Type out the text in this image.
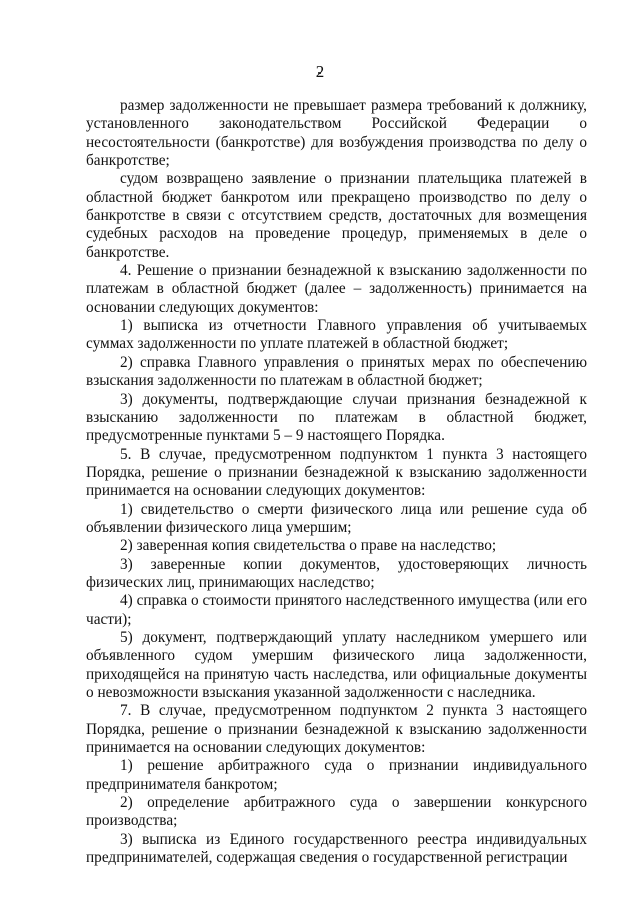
2

размер задолженности не превышает размера требований к должнику, установленного законодательством Российской Федерации о несостоятельности (банкротстве) для возбуждения производства по делу о банкротстве;

судом возвращено заявление о признании плательщика платежей в областной бюджет банкротом или прекращено производство по делу о банкротстве в связи с отсутствием средств, достаточных для возмещения судебных расходов на проведение процедур, применяемых в деле о банкротстве.

4. Решение о признании безнадежной к взысканию задолженности по платежам в областной бюджет (далее – задолженность) принимается на основании следующих документов:

1) выписка из отчетности Главного управления об учитываемых суммах задолженности по уплате платежей в областной бюджет;

2) справка Главного управления о принятых мерах по обеспечению взыскания задолженности по платежам в областной бюджет;

3) документы, подтверждающие случаи признания безнадежной к взысканию задолженности по платежам в областной бюджет, предусмотренные пунктами 5 – 9 настоящего Порядка.

5. В случае, предусмотренном подпунктом 1 пункта 3 настоящего Порядка, решение о признании безнадежной к взысканию задолженности принимается на основании следующих документов:

1) свидетельство о смерти физического лица или решение суда об объявлении физического лица умершим;

2) заверенная копия свидетельства о праве на наследство;

3) заверенные копии документов, удостоверяющих личность физических лиц, принимающих наследство;

4) справка о стоимости принятого наследственного имущества (или его части);

5) документ, подтверждающий уплату наследником умершего или объявленного судом умершим физического лица задолженности, приходящейся на принятую часть наследства, или официальные документы о невозможности взыскания указанной задолженности с наследника.

7. В случае, предусмотренном подпунктом 2 пункта 3 настоящего Порядка, решение о признании безнадежной к взысканию задолженности принимается на основании следующих документов:

1) решение арбитражного суда о признании индивидуального предпринимателя банкротом;

2) определение арбитражного суда о завершении конкурсного производства;

3) выписка из Единого государственного реестра индивидуальных предпринимателей, содержащая сведения о государственной регистрации
